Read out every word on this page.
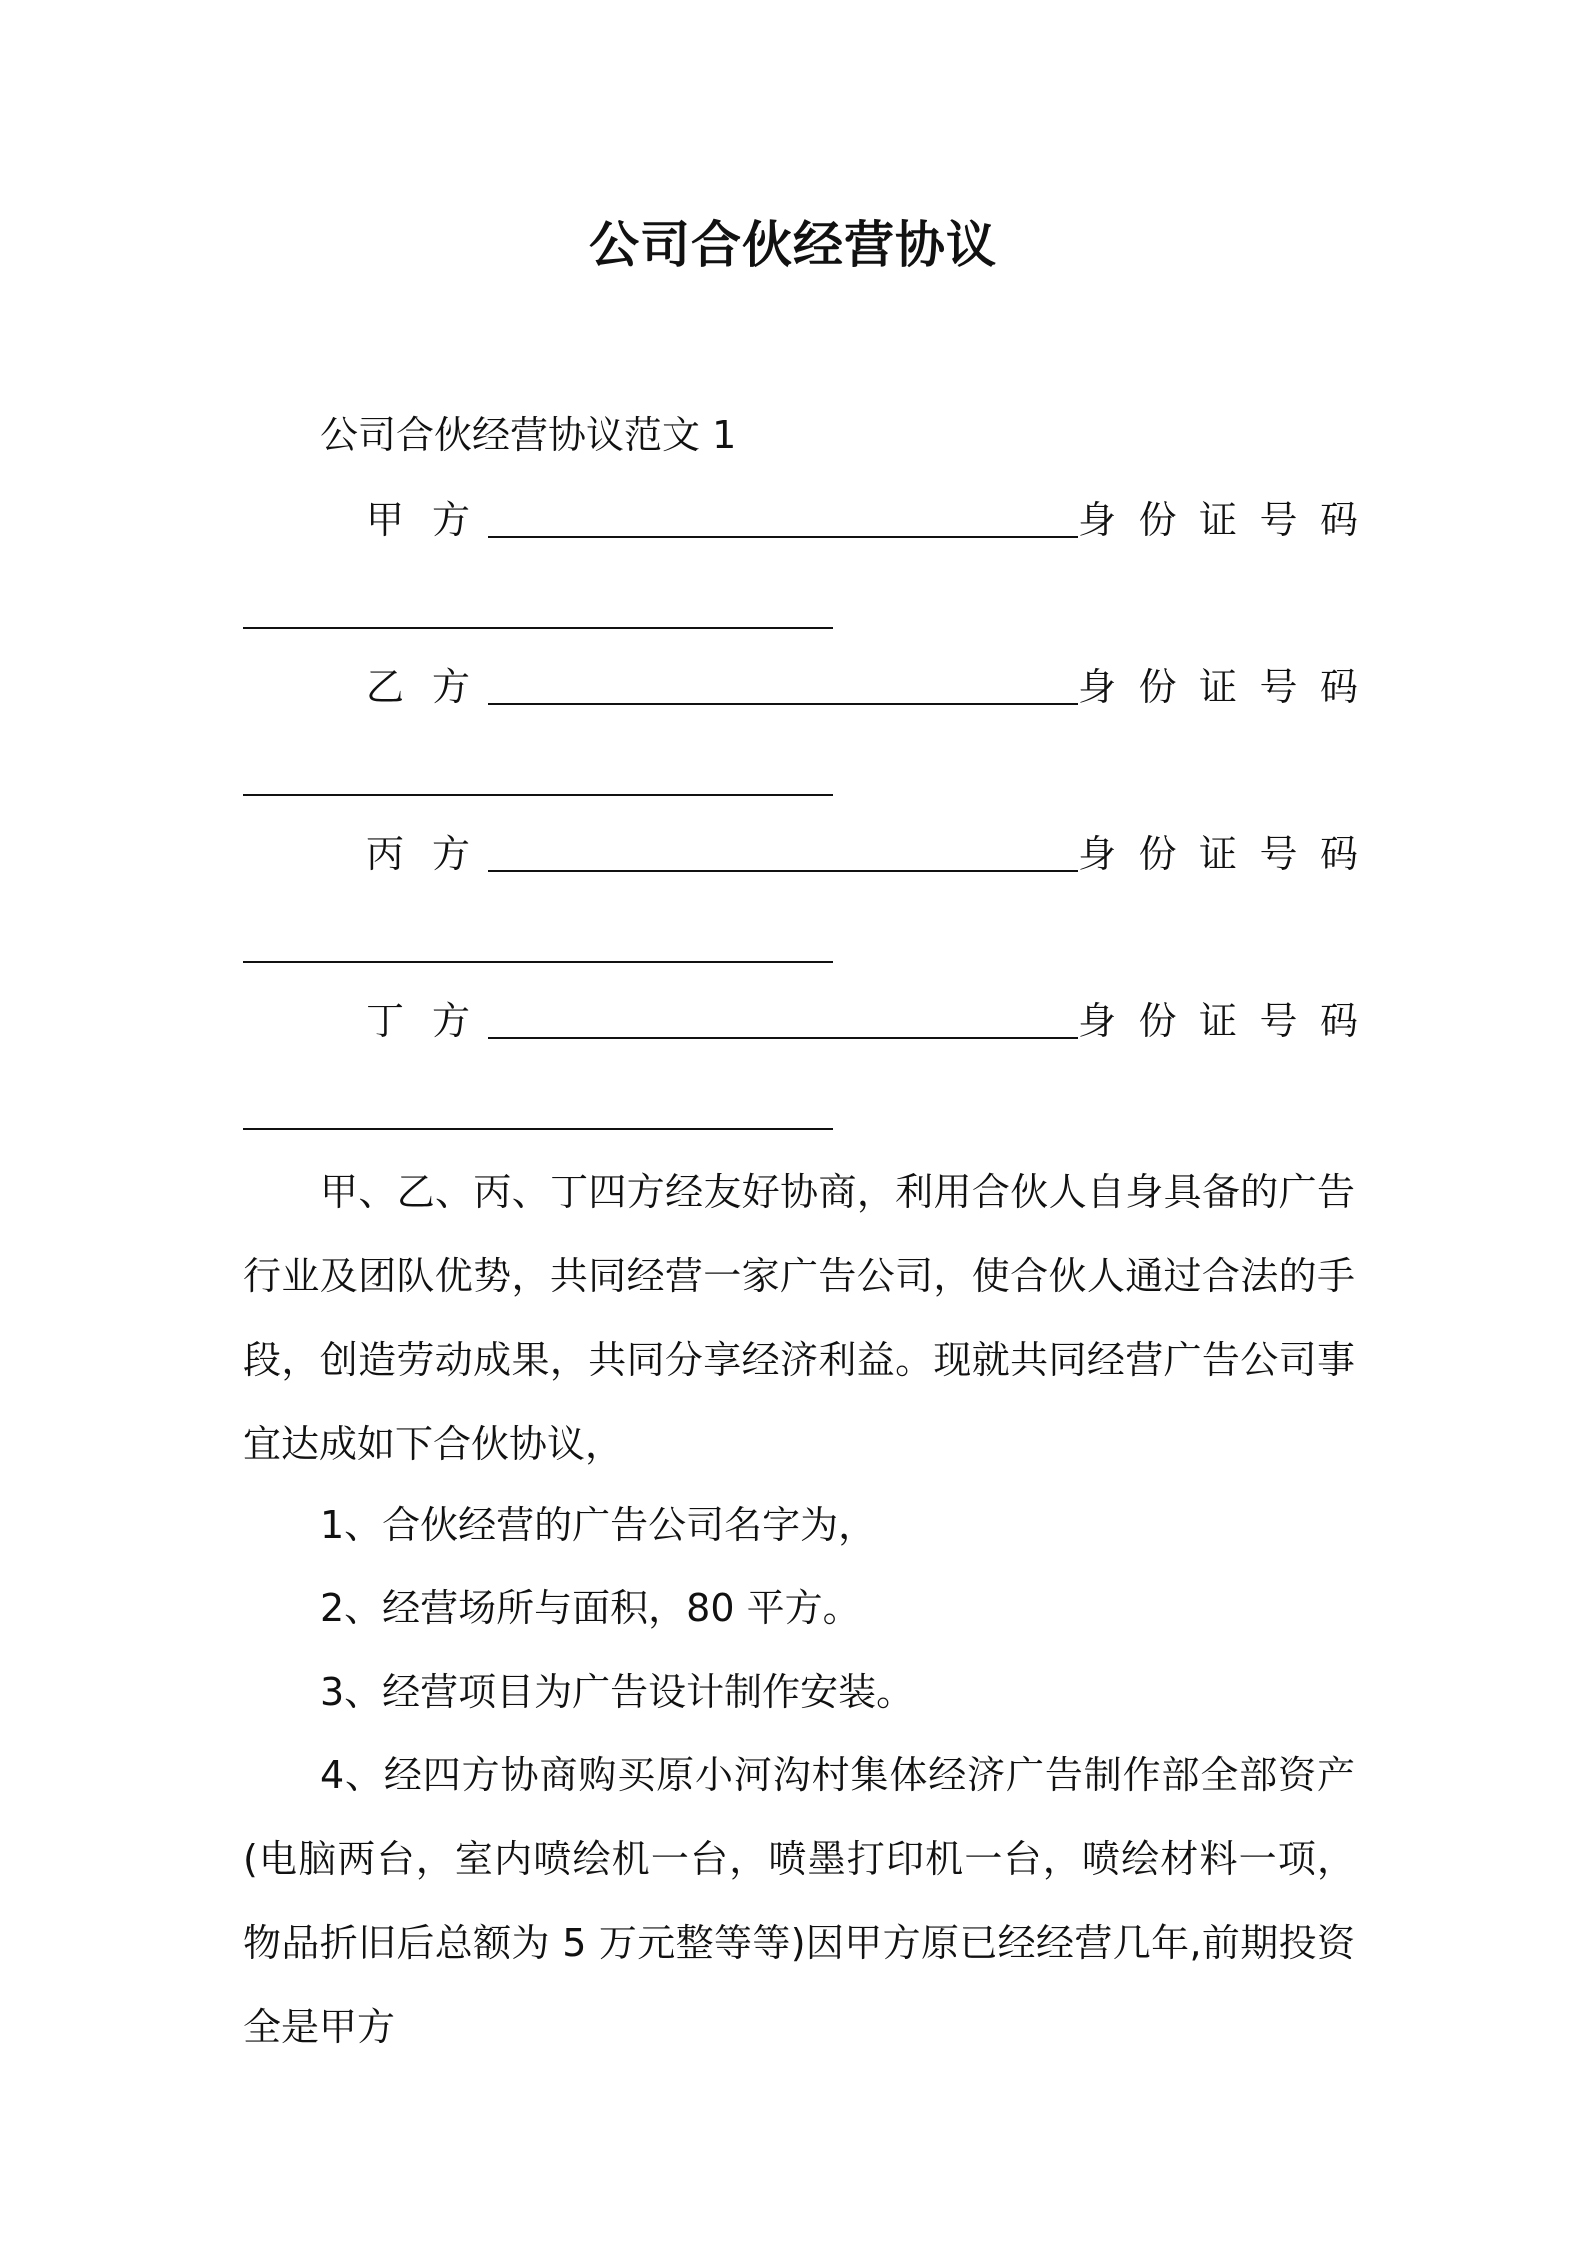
公司合伙经营协议

公司合伙经营协议范文 1

甲方	身 份 证 号 码
乙方	身 份 证 号 码
丙方	身 份 证 号 码
丁方	身 份 证 号 码

甲、乙、丙、丁四方经友好协商，利用合伙人自身具备的广告行业及团队优势，共同经营一家广告公司，使合伙人通过合法的手段，创造劳动成果，共同分享经济利益。现就共同经营广告公司事宜达成如下合伙协议，

1、合伙经营的广告公司名字为，

2、经营场所与面积，80 平方。

3、经营项目为广告设计制作安装。

4、经四方协商购买原小河沟村集体经济广告制作部全部资产(电脑两台，室内喷绘机一台，喷墨打印机一台，喷绘材料一项，物品折旧后总额为 5 万元整等等)因甲方原已经经营几年,前期投资全是甲方
